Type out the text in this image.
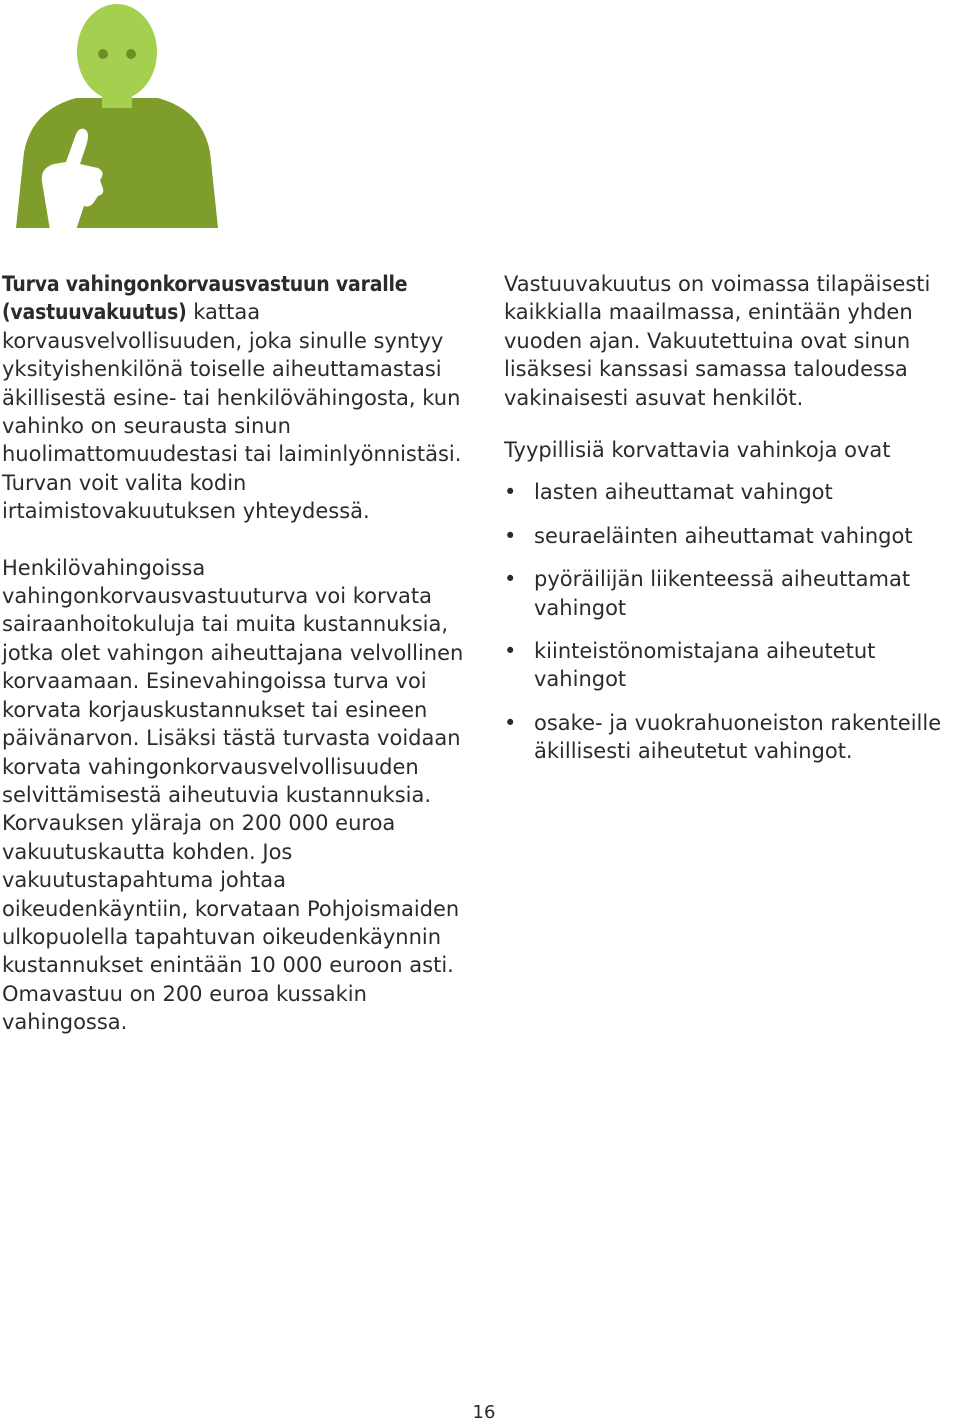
Turva vahingonkorvausvastuun varalle (vastuuvakuutus) kattaa korvausvelvollisuuden, joka sinulle syntyy yksityishenkilönä toiselle aiheuttamastasi äkillisestä esine- tai henkilövähingosta, kun vahinko on seurausta sinun huolimattomuudestasi tai laiminlyönnistäsi. Turvan voit valita kodin irtaimistovakuutuksen yhteydessä.

Henkilövahingoissa vahingonkorvausvastuuturva voi korvata sairaanhoitokuluja tai muita kustannuksia, jotka olet vahingon aiheuttajana velvollinen korvaamaan. Esinevahingoissa turva voi korvata korjauskustannukset tai esineen päivänarvon. Lisäksi tästä turvasta voidaan korvata vahingonkorvausvelvollisuuden selvittämisestä aiheutuvia kustannuksia. Korvauksen yläraja on 200 000 euroa vakuutuskautta kohden. Jos vakuutustapahtuma johtaa oikeudenkäyntiin, korvataan Pohjoismaiden ulkopuolella tapahtuvan oikeudenkäynnin kustannukset enintään 10 000 euroon asti. Omavastuu on 200 euroa kussakin vahingossa.

Vastuuvakuutus on voimassa tilapäisesti kaikkialla maailmassa, enintään yhden vuoden ajan. Vakuutettuina ovat sinun lisäksesi kanssasi samassa taloudessa vakinaisesti asuvat henkilöt.

Tyypillisiä korvattavia vahinkoja ovat

• lasten aiheuttamat vahingot
• seuraeläinten aiheuttamat vahingot
• pyöräilijän liikenteessä aiheuttamat vahingot
• kiinteistönomistajana aiheutetut vahingot
• osake- ja vuokrahuoneiston rakenteille äkillisesti aiheutetut vahingot.
16
